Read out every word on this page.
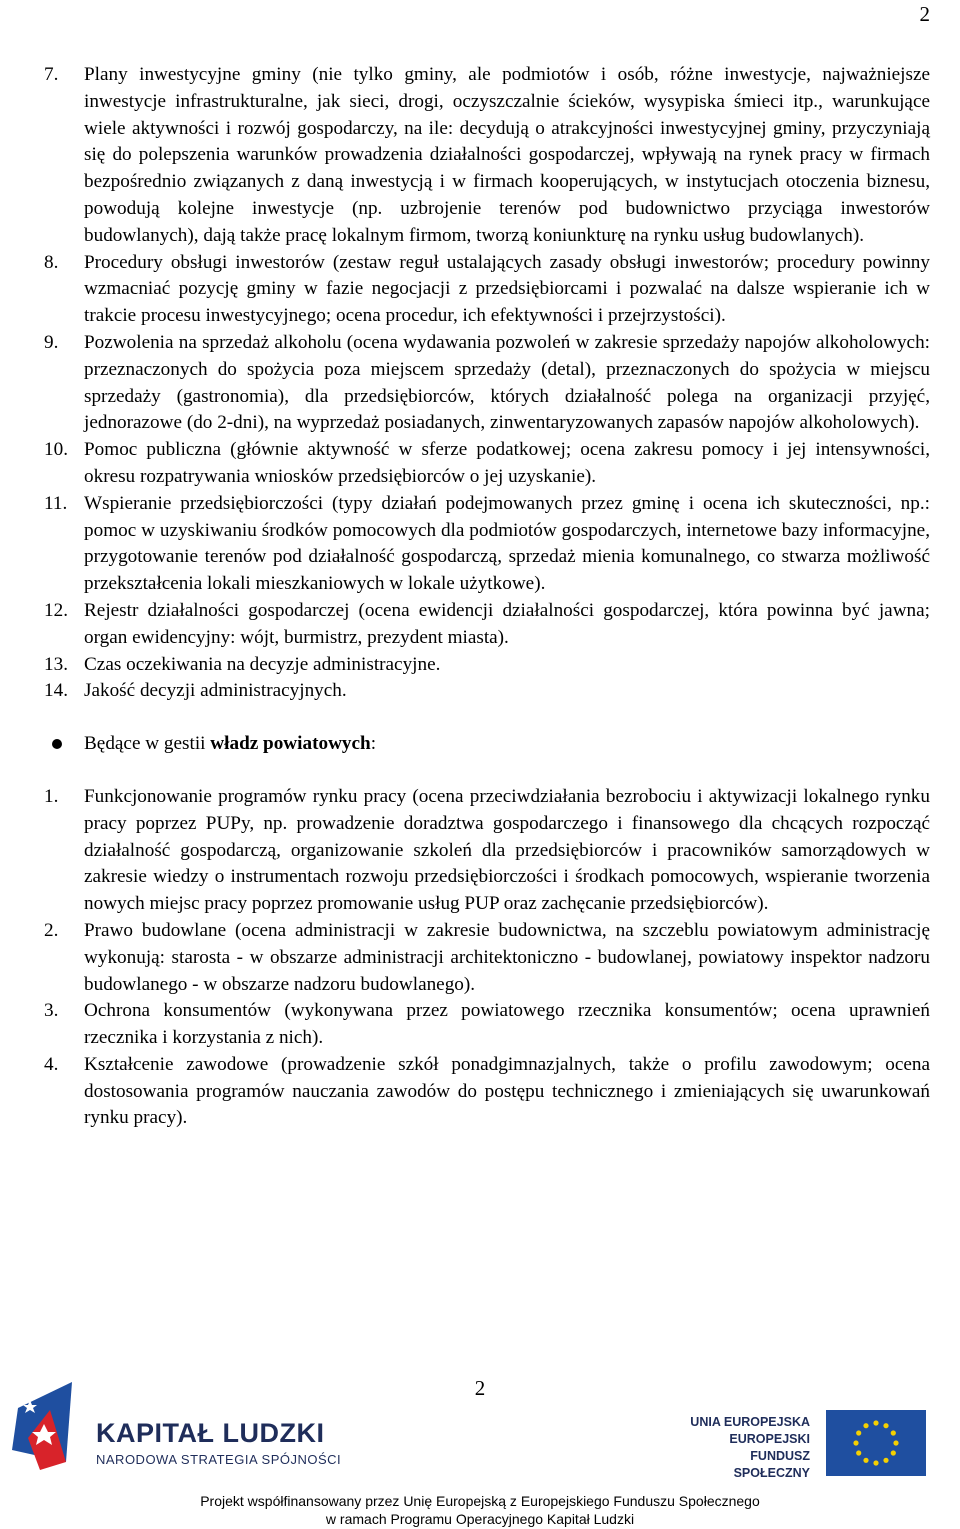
2
7.	Plany inwestycyjne gminy (nie tylko gminy, ale podmiotów i osób, różne inwestycje, najważniejsze inwestycje infrastrukturalne, jak sieci, drogi, oczyszczalnie ścieków, wysypiska śmieci itp., warunkujące wiele aktywności i rozwój gospodarczy, na ile: decydują o atrakcyjności inwestycyjnej gminy, przyczyniają się do polepszenia warunków prowadzenia działalności gospodarczej, wpływają na rynek pracy w firmach bezpośrednio związanych z daną inwestycją i w firmach kooperujących, w instytucjach otoczenia biznesu, powodują kolejne inwestycje (np. uzbrojenie terenów pod budownictwo przyciąga inwestorów budowlanych), dają także pracę lokalnym firmom, tworzą koniunkturę na rynku usług budowlanych).
8.	Procedury obsługi inwestorów (zestaw reguł ustalających zasady obsługi inwestorów; procedury powinny wzmacniać pozycję gminy w fazie negocjacji z przedsiębiorcami i pozwalać na dalsze wspieranie ich w trakcie procesu inwestycyjnego; ocena procedur, ich efektywności i przejrzystości).
9.	Pozwolenia na sprzedaż alkoholu (ocena wydawania pozwoleń w zakresie sprzedaży napojów alkoholowych: przeznaczonych do spożycia poza miejscem sprzedaży (detal), przeznaczonych do spożycia w miejscu sprzedaży (gastronomia), dla przedsiębiorców, których działalność polega na organizacji przyjęć, jednorazowe (do 2-dni), na wyprzedaż posiadanych, zinwentaryzowanych zapasów napojów alkoholowych).
10. Pomoc publiczna (głównie aktywność w sferze podatkowej; ocena zakresu pomocy i jej intensywności, okresu rozpatrywania wniosków przedsiębiorców o jej uzyskanie).
11. Wspieranie przedsiębiorczości (typy działań podejmowanych przez gminę i ocena ich skuteczności, np.: pomoc w uzyskiwaniu środków pomocowych dla podmiotów gospodarczych, internetowe bazy informacyjne, przygotowanie terenów pod działalność gospodarczą, sprzedaż mienia komunalnego, co stwarza możliwość przekształcenia lokali mieszkaniowych w lokale użytkowe).
12. Rejestr działalności gospodarczej (ocena ewidencji działalności gospodarczej, która powinna być jawna; organ ewidencyjny: wójt, burmistrz, prezydent miasta).
13. Czas oczekiwania na decyzje administracyjne.
14. Jakość decyzji administracyjnych.
Będące w gestii władz powiatowych:
1.	Funkcjonowanie programów rynku pracy (ocena przeciwdziałania bezrobociu i aktywizacji lokalnego rynku pracy poprzez PUPy, np. prowadzenie doradztwa gospodarczego i finansowego dla chcących rozpocząć działalność gospodarczą, organizowanie szkoleń dla przedsiębiorców i pracowników samorządowych w zakresie wiedzy o instrumentach rozwoju przedsiębiorczości i środkach pomocowych, wspieranie tworzenia nowych miejsc pracy poprzez promowanie usług PUP oraz zachęcanie przedsiębiorców).
2.	Prawo budowlane (ocena administracji w zakresie budownictwa, na szczeblu powiatowym administrację wykonują: starosta - w obszarze administracji architektoniczno - budowlanej, powiatowy inspektor nadzoru budowlanego - w obszarze nadzoru budowlanego).
3.	Ochrona konsumentów (wykonywana przez powiatowego rzecznika konsumentów; ocena uprawnień rzecznika i korzystania z nich).
4.	Kształcenie zawodowe (prowadzenie szkół ponadgimnazjalnych, także o profilu zawodowym; ocena dostosowania programów nauczania zawodów do postępu technicznego i zmieniających się uwarunkowań rynku pracy).
2
KAPITAŁ LUDZKI
NARODOWA STRATEGIA SPÓJNOŚCI
UNIA EUROPEJSKA
EUROPEJSKI
FUNDUSZ SPOŁECZNY
Projekt współfinansowany przez Unię Europejską z Europejskiego Funduszu Społecznego
w ramach Programu Operacyjnego Kapitał Ludzki
